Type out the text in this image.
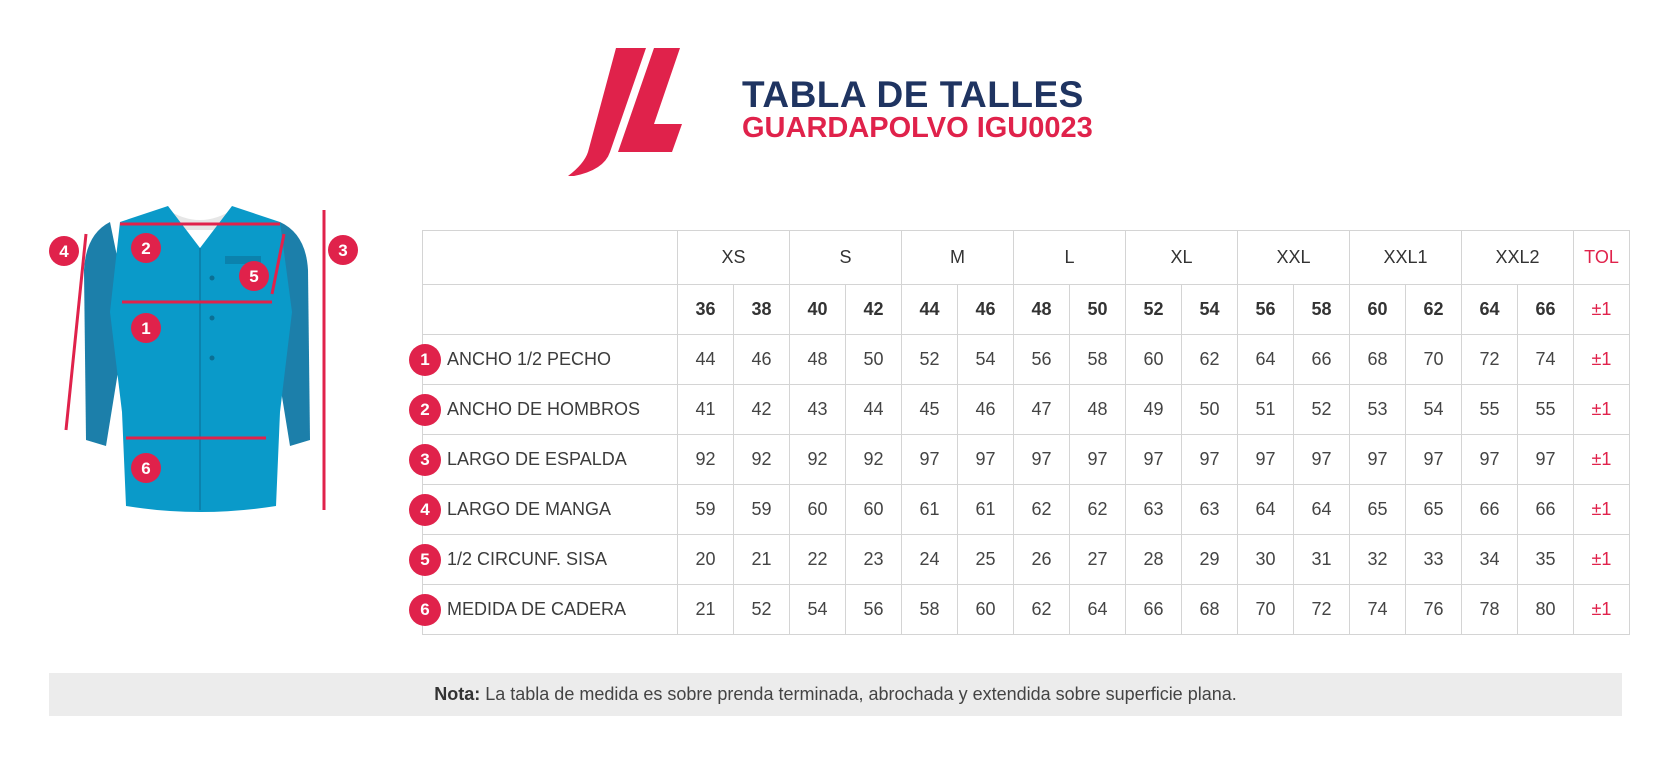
TABLA DE TALLES
GUARDAPOLVO IGU0023
1
2	3
4
5
6
	XS		S		M		L		XL		XXL		XXL1		XXL2		TOL
	36	38	40	42	44	46	48	50	52	54	56	58	60	62	64	66	±1

1 ANCHO 1/2 PECHO	44	46	48	50	52	54	56	58	60	62	64	66	68	70	72	74	±1

2 ANCHO DE HOMBROS	41	42	43	44	45	46	47	48	49	50	51	52	53	54	55	55	±1

3 LARGO DE ESPALDA	92	92	92	92	97	97	97	97	97	97	97	97	97	97	97	97	±1

4 LARGO DE MANGA	59	59	60	60	61	61	62	62	63	63	64	64	65	65	66	66	±1

5 1/2 CIRCUNF. SISA	20	21	22	23	24	25	26	27	28	29	30	31	32	33	34	35	±1

6 MEDIDA DE CADERA	21	52	54	56	58	60	62	64	66	68	70	72	74	76	78	80	±1
Nota: La tabla de medida es sobre prenda terminada, abrochada y extendida sobre superficie plana.
